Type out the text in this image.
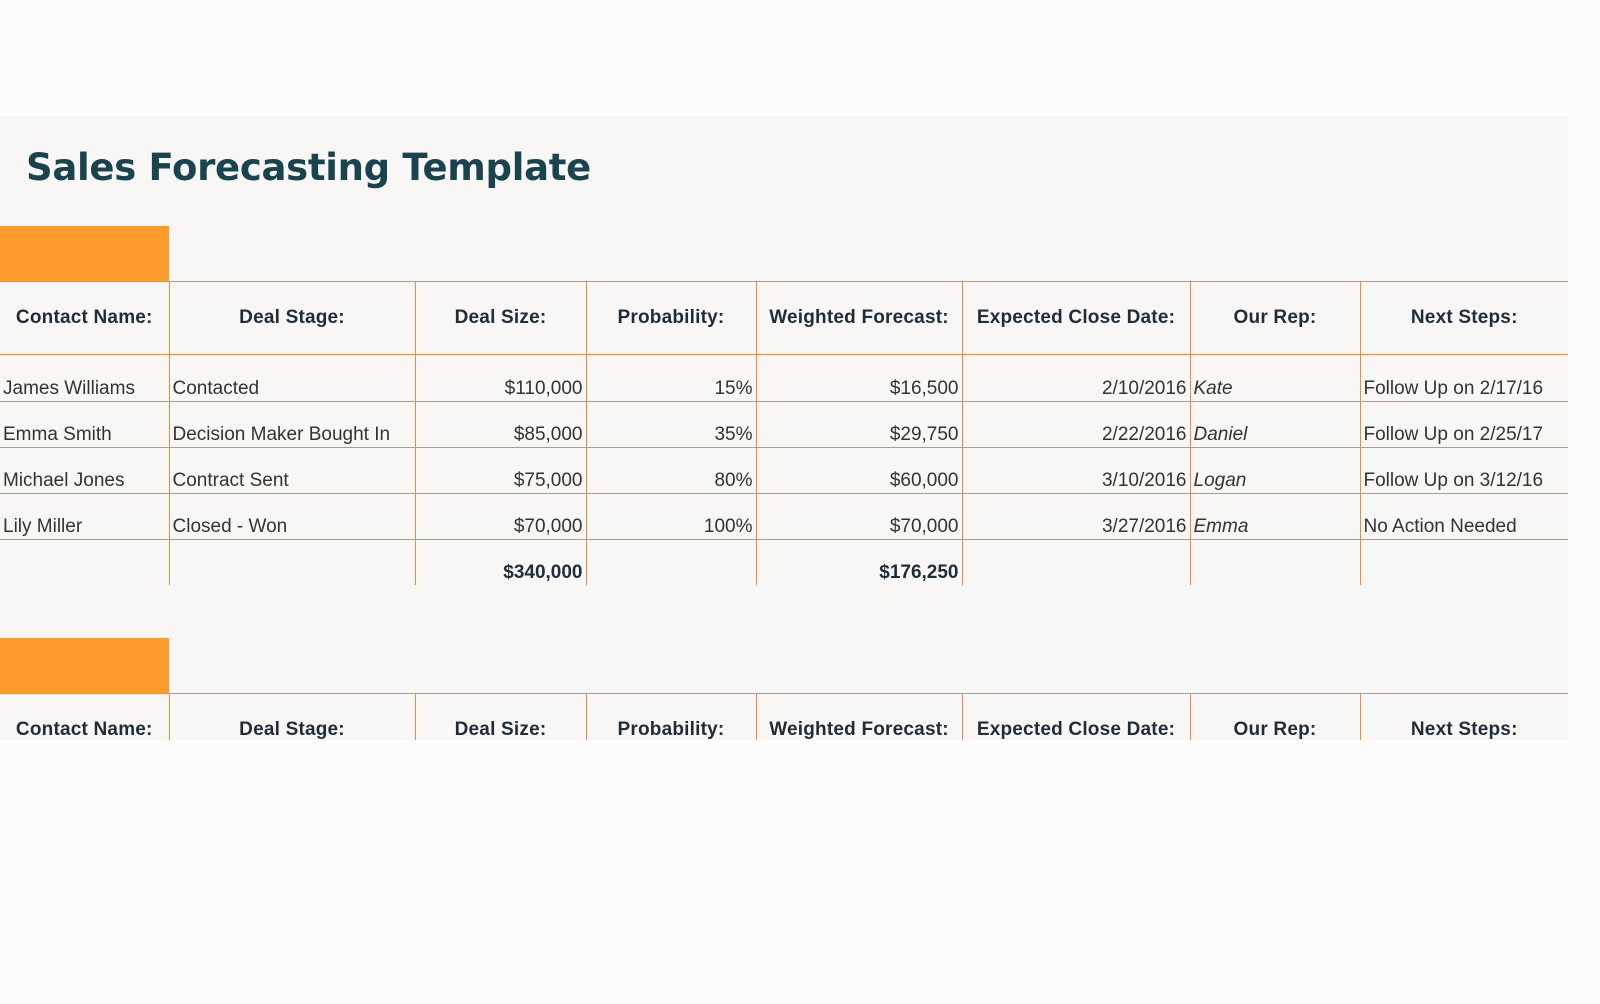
Sales Forecasting Template
Contact Name:	Deal Stage:	Deal Size:	Probability:	Weighted Forecast:	Expected Close Date:	Our Rep:	Next Steps:
James Williams	Contacted	$110,000	15%	$16,500	2/10/2016	Kate	Follow Up on 2/17/16
Emma Smith	Decision Maker Bought In	$85,000	35%	$29,750	2/22/2016	Daniel	Follow Up on 2/25/17
Michael Jones	Contract Sent	$75,000	80%	$60,000	3/10/2016	Logan	Follow Up on 3/12/16
Lily Miller	Closed - Won	$70,000	100%	$70,000	3/27/2016	Emma	No Action Needed
		$340,000		$176,250			
Contact Name:	Deal Stage:	Deal Size:	Probability:	Weighted Forecast:	Expected Close Date:	Our Rep:	Next Steps:
